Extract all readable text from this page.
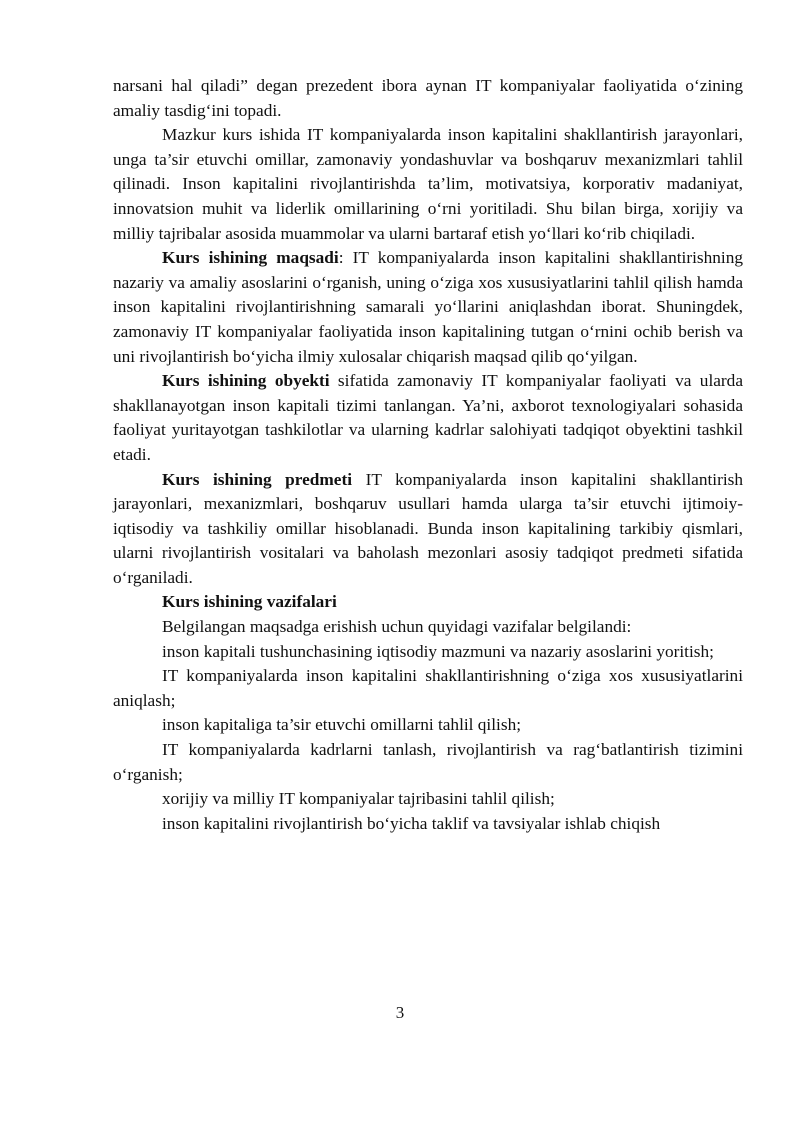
narsani hal qiladi” degan prezedent ibora aynan IT kompaniyalar faoliyatida o‘zining amaliy tasdig‘ini topadi.

Mazkur kurs ishida IT kompaniyalarda inson kapitalini shakllantirish jarayonlari, unga ta’sir etuvchi omillar, zamonaviy yondashuvlar va boshqaruv mexanizmlari tahlil qilinadi. Inson kapitalini rivojlantirishda ta’lim, motivatsiya, korporativ madaniyat, innovatsion muhit va liderlik omillarining o‘rni yoritiladi. Shu bilan birga, xorijiy va milliy tajribalar asosida muammolar va ularni bartaraf etish yo‘llari ko‘rib chiqiladi.

Kurs ishining maqsadi: IT kompaniyalarda inson kapitalini shakllantirishning nazariy va amaliy asoslarini o‘rganish, uning o‘ziga xos xususiyatlarini tahlil qilish hamda inson kapitalini rivojlantirishning samarali yo‘llarini aniqlashdan iborat. Shuningdek, zamonaviy IT kompaniyalar faoliyatida inson kapitalining tutgan o‘rnini ochib berish va uni rivojlantirish bo‘yicha ilmiy xulosalar chiqarish maqsad qilib qo‘yilgan.

Kurs ishining obyekti sifatida zamonaviy IT kompaniyalar faoliyati va ularda shakllanayotgan inson kapitali tizimi tanlangan. Ya’ni, axborot texnologiyalari sohasida faoliyat yuritayotgan tashkilotlar va ularning kadrlar salohiyati tadqiqot obyektini tashkil etadi.

Kurs ishining predmeti IT kompaniyalarda inson kapitalini shakllantirish jarayonlari, mexanizmlari, boshqaruv usullari hamda ularga ta’sir etuvchi ijtimoiy-iqtisodiy va tashkiliy omillar hisoblanadi. Bunda inson kapitalining tarkibiy qismlari, ularni rivojlantirish vositalari va baholash mezonlari asosiy tadqiqot predmeti sifatida o‘rganiladi.

Kurs ishining vazifalari

Belgilangan maqsadga erishish uchun quyidagi vazifalar belgilandi:

inson kapitali tushunchasining iqtisodiy mazmuni va nazariy asoslarini yoritish;

IT kompaniyalarda inson kapitalini shakllantirishning o‘ziga xos xususiyatlarini aniqlash;

inson kapitaliga ta’sir etuvchi omillarni tahlil qilish;

IT kompaniyalarda kadrlarni tanlash, rivojlantirish va rag‘batlantirish tizimini o‘rganish;

xorijiy va milliy IT kompaniyalar tajribasini tahlil qilish;

inson kapitalini rivojlantirish bo‘yicha taklif va tavsiyalar ishlab chiqish

3
